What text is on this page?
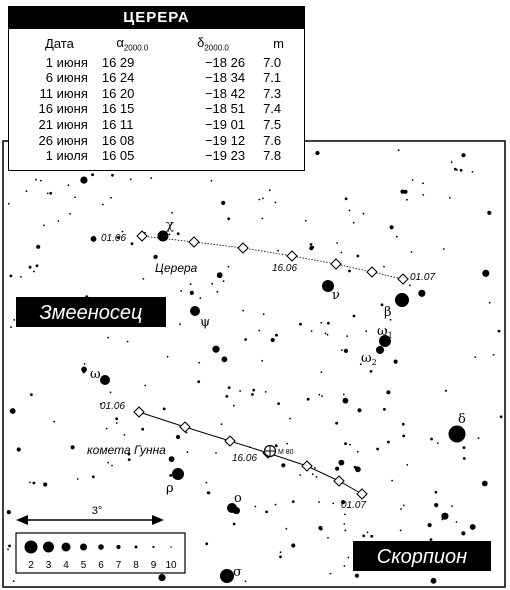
χ
ν
ψ
β
$\omega_1$
$\omega_2$
ω
δ
ρ
o
σ
01.06
Церера	16.06
01.07
01.06
комета Гунна
16.06
01.07
М 80
Змееносец
Скорпион
3°
2 3 4 5 6 7 8 9 10
ЦЕРЕРА
Дата	$\alpha_{2000.0}$	$\delta_{2000.0}$	m
1 июня	16 29	−18 26	7.0
6 июня	16 24	−18 34	7.1
11 июня	16 20	−18 42	7.3
16 июня	16 15	−18 51	7.4
21 июня	16 11	−19 01	7.5
26 июня	16 08	−19 12	7.6
1 июля	16 05	−19 23	7.8
